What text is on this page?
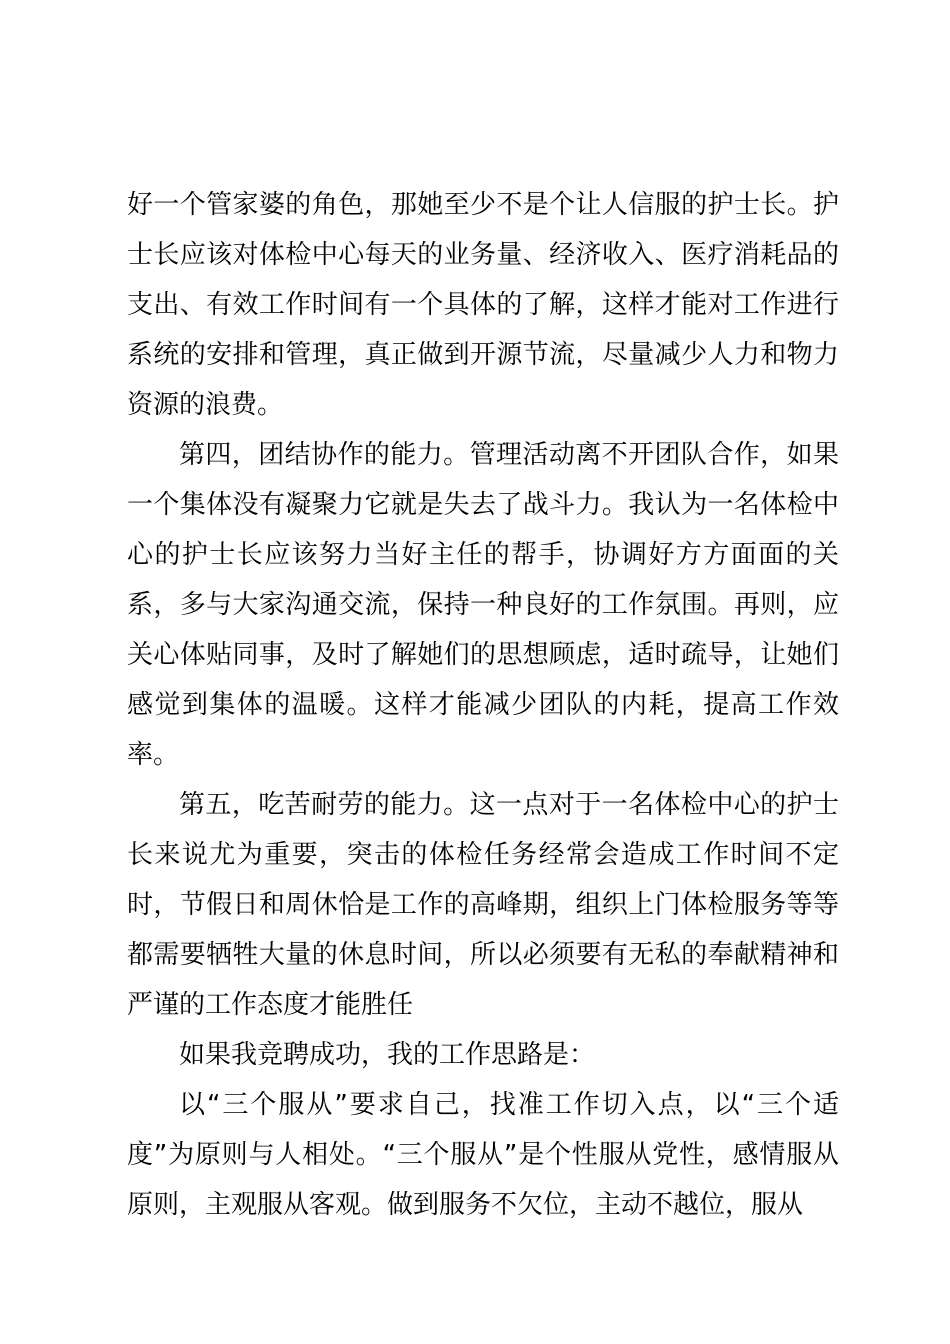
好一个管家婆的角色，那她至少不是个让人信服的护士长。护士长应该对体检中心每天的业务量、经济收入、医疗消耗品的支出、有效工作时间有一个具体的了解，这样才能对工作进行系统的安排和管理，真正做到开源节流，尽量减少人力和物力资源的浪费。

第四，团结协作的能力。管理活动离不开团队合作，如果一个集体没有凝聚力它就是失去了战斗力。我认为一名体检中心的护士长应该努力当好主任的帮手，协调好方方面面的关系，多与大家沟通交流，保持一种良好的工作氛围。再则，应关心体贴同事，及时了解她们的思想顾虑，适时疏导，让她们感觉到集体的温暖。这样才能减少团队的内耗，提高工作效率。

第五，吃苦耐劳的能力。这一点对于一名体检中心的护士长来说尤为重要，突击的体检任务经常会造成工作时间不定时，节假日和周休恰是工作的高峰期，组织上门体检服务等等都需要牺牲大量的休息时间，所以必须要有无私的奉献精神和严谨的工作态度才能胜任

如果我竞聘成功，我的工作思路是：

以“三个服从”要求自己，找准工作切入点，以“三个适度”为原则与人相处。“三个服从”是个性服从党性，感情服从原则，主观服从客观。做到服务不欠位，主动不越位，服从
